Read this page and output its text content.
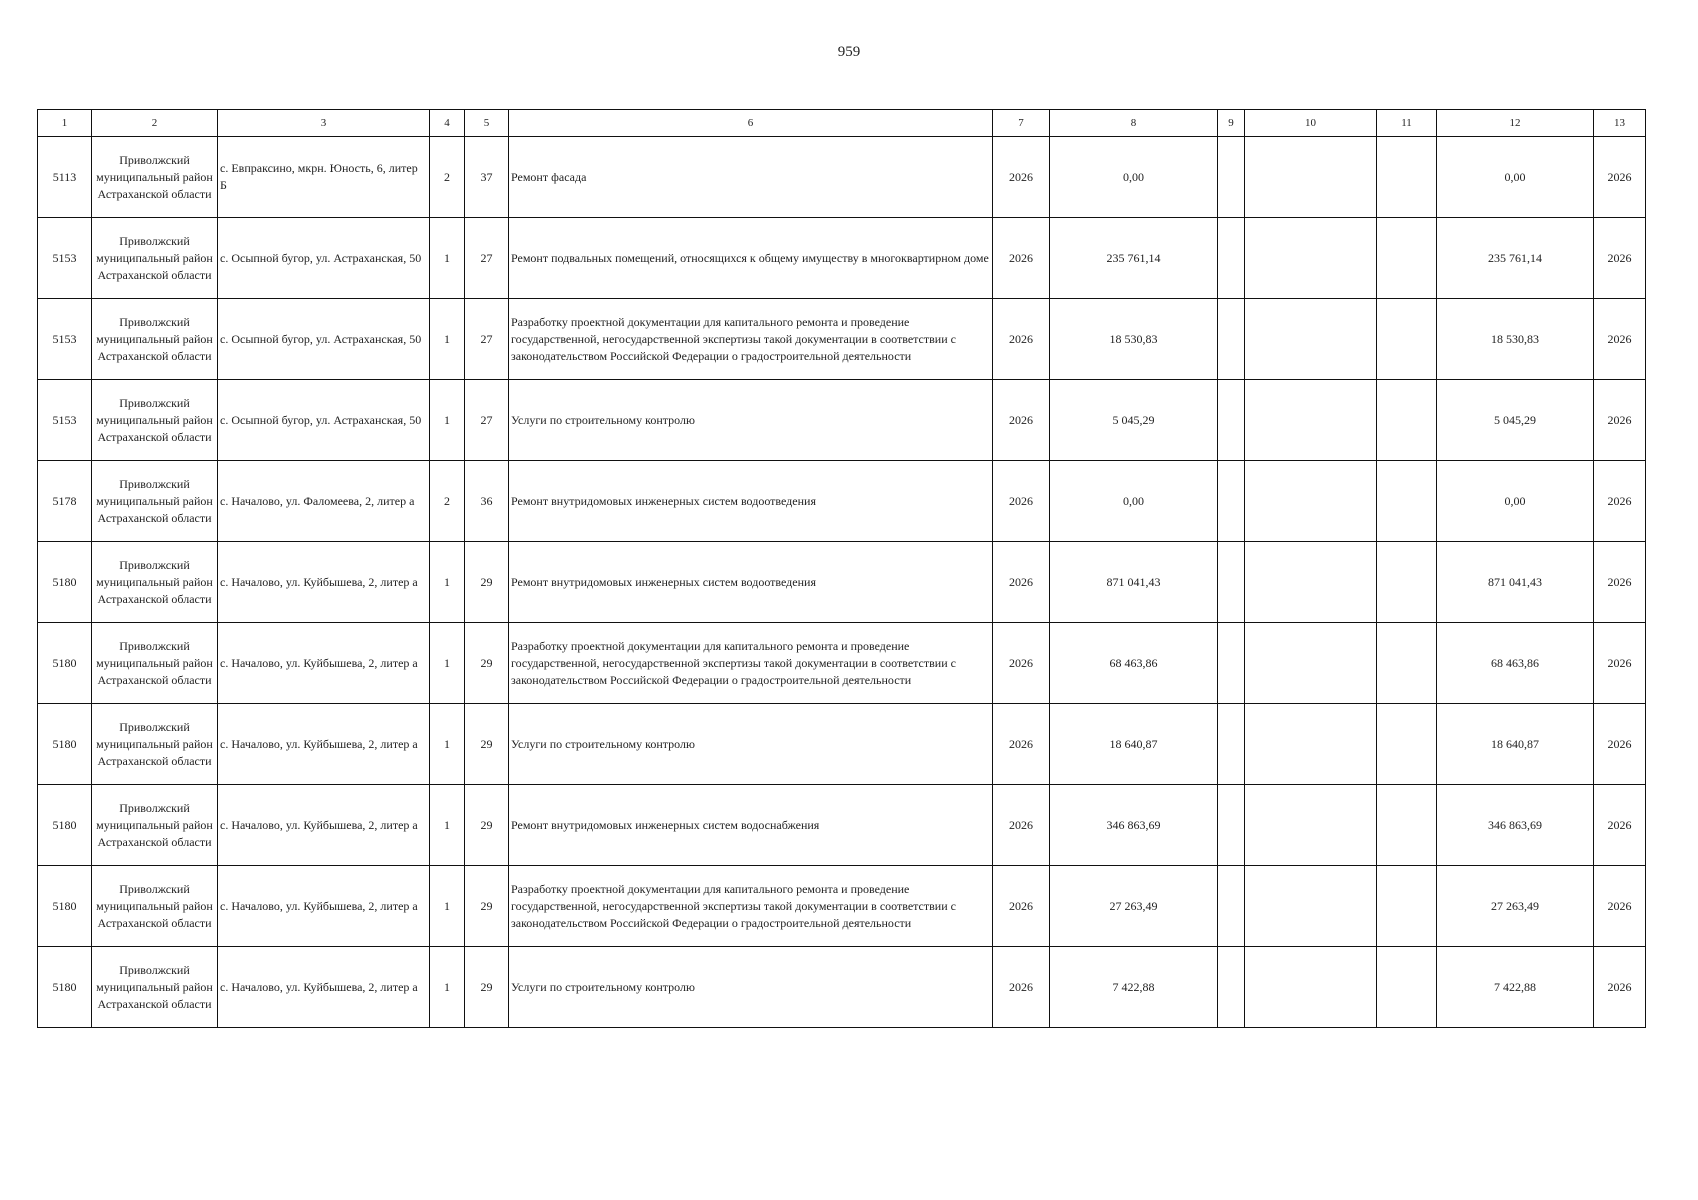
959
1	2	3	4	5	6	7	8	9	10	11	12	13
5113	Приволжский муниципальный район Астраханской области	с. Евпраксино, мкрн. Юность, 6, литер Б	2	37	Ремонт фасада	2026	0,00				0,00	2026
5153	Приволжский муниципальный район Астраханской области	с. Осыпной бугор, ул. Астраханская, 50	1	27	Ремонт подвальных помещений, относящихся к общему имуществу в многоквартирном доме	2026	235 761,14				235 761,14	2026
5153	Приволжский муниципальный район Астраханской области	с. Осыпной бугор, ул. Астраханская, 50	1	27	Разработку проектной документации для капитального ремонта и проведение государственной, негосударственной экспертизы такой документации в соответствии с законодательством Российской Федерации о градостроительной деятельности	2026	18 530,83				18 530,83	2026
5153	Приволжский муниципальный район Астраханской области	с. Осыпной бугор, ул. Астраханская, 50	1	27	Услуги по строительному контролю	2026	5 045,29				5 045,29	2026
5178	Приволжский муниципальный район Астраханской области	с. Началово, ул. Фаломеева, 2, литер а	2	36	Ремонт внутридомовых инженерных систем водоотведения	2026	0,00				0,00	2026
5180	Приволжский муниципальный район Астраханской области	с. Началово, ул. Куйбышева, 2, литер а	1	29	Ремонт внутридомовых инженерных систем водоотведения	2026	871 041,43				871 041,43	2026
5180	Приволжский муниципальный район Астраханской области	с. Началово, ул. Куйбышева, 2, литер а	1	29	Разработку проектной документации для капитального ремонта и проведение государственной, негосударственной экспертизы такой документации в соответствии с законодательством Российской Федерации о градостроительной деятельности	2026	68 463,86				68 463,86	2026
5180	Приволжский муниципальный район Астраханской области	с. Началово, ул. Куйбышева, 2, литер а	1	29	Услуги по строительному контролю	2026	18 640,87				18 640,87	2026
5180	Приволжский муниципальный район Астраханской области	с. Началово, ул. Куйбышева, 2, литер а	1	29	Ремонт внутридомовых инженерных систем водоснабжения	2026	346 863,69				346 863,69	2026
5180	Приволжский муниципальный район Астраханской области	с. Началово, ул. Куйбышева, 2, литер а	1	29	Разработку проектной документации для капитального ремонта и проведение государственной, негосударственной экспертизы такой документации в соответствии с законодательством Российской Федерации о градостроительной деятельности	2026	27 263,49				27 263,49	2026
5180	Приволжский муниципальный район Астраханской области	с. Началово, ул. Куйбышева, 2, литер а	1	29	Услуги по строительному контролю	2026	7 422,88				7 422,88	2026
